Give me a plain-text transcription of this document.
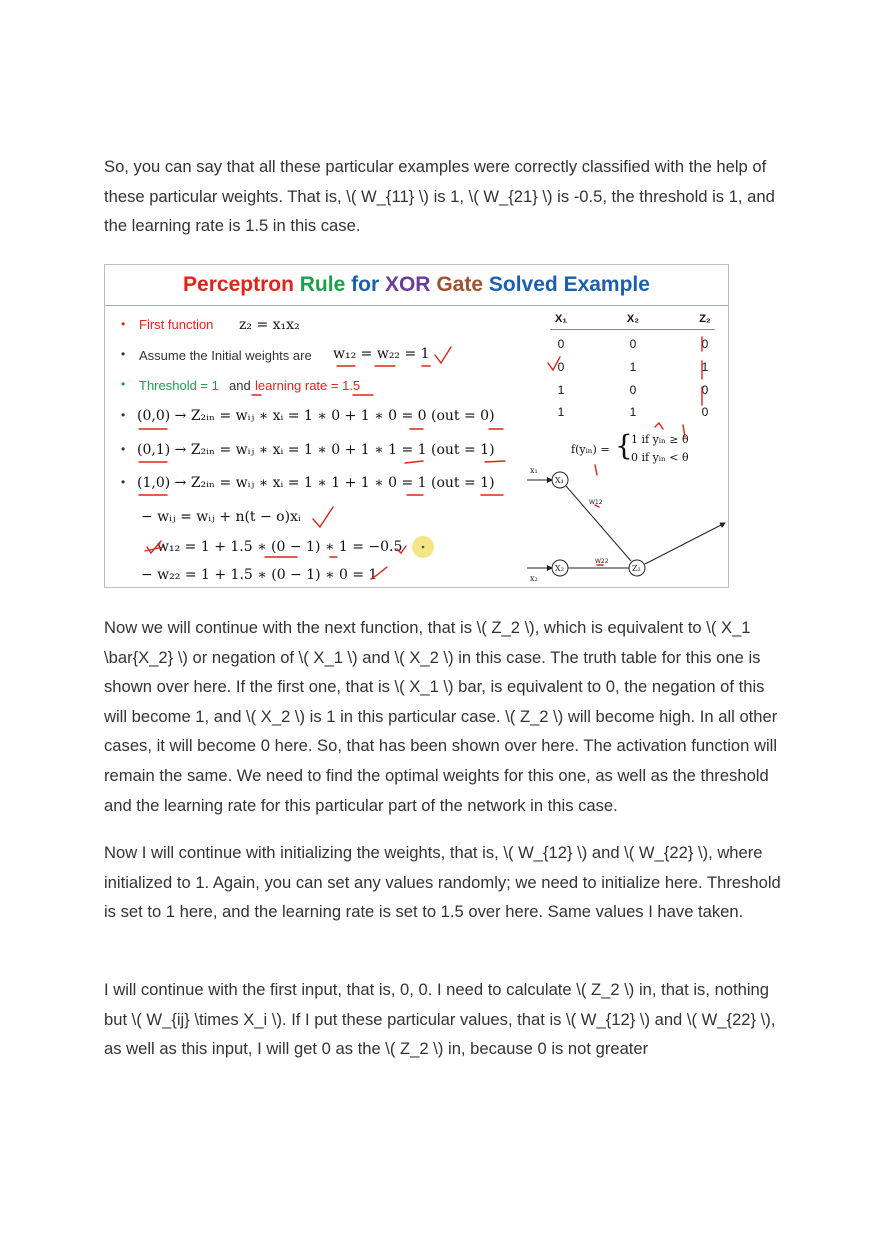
So, you can say that all these particular examples were correctly classified with the help of these particular weights. That is, \( W_{11} \) is 1, \( W_{21} \) is -0.5, the threshold is 1, and the learning rate is 1.5 in this case.

Perceptron Rule for XOR Gate Solved Example
• First function z₂ = x₁x₂
• Assume the Initial weights are w₁₂ = w₂₂ = 1
• Threshold = 1 and learning rate = 1.5
• (0,0) → Z₂ᵢₙ = wᵢⱼ ∗ xᵢ = 1 ∗ 0 + 1 ∗ 0 = 0 (out = 0)
• (0,1) → Z₂ᵢₙ = wᵢⱼ ∗ xᵢ = 1 ∗ 0 + 1 ∗ 1 = 1 (out = 1)
• (1,0) → Z₂ᵢₙ = wᵢⱼ ∗ xᵢ = 1 ∗ 1 + 1 ∗ 0 = 1 (out = 1)
− wᵢⱼ = wᵢⱼ + n(t − o)xᵢ
w₁₂ = 1 + 1.5 ∗ (0 − 1) ∗ 1 = −0.5
− w₂₂ = 1 + 1.5 ∗ (0 − 1) ∗ 0 = 1
X₁	X₂	Z₂
0	0	0
0	1	1
1	0	0
1	1	0
f(yᵢₙ) = {
1 if yᵢₙ ≥ θ
0 if yᵢₙ < θ
x₁
x₂
X₁
X₂	Z₂
W12
W22

Now we will continue with the next function, that is \( Z_2 \), which is equivalent to \( X_1 \bar{X_2} \) or negation of \( X_1 \) and \( X_2 \) in this case. The truth table for this one is shown over here. If the first one, that is \( X_1 \) bar, is equivalent to 0, the negation of this will become 1, and \( X_2 \) is 1 in this particular case. \( Z_2 \) will become high. In all other cases, it will become 0 here. So, that has been shown over here. The activation function will remain the same. We need to find the optimal weights for this one, as well as the threshold and the learning rate for this particular part of the network in this case.

Now I will continue with initializing the weights, that is, \( W_{12} \) and \( W_{22} \), where initialized to 1. Again, you can set any values randomly; we need to initialize here. Threshold is set to 1 here, and the learning rate is set to 1.5 over here. Same values I have taken.

I will continue with the first input, that is, 0, 0. I need to calculate \( Z_2 \) in, that is, nothing but \( W_{ij} \times X_i \). If I put these particular values, that is \( W_{12} \) and \( W_{22} \), as well as this input, I will get 0 as the \( Z_2 \) in, because 0 is not greater
